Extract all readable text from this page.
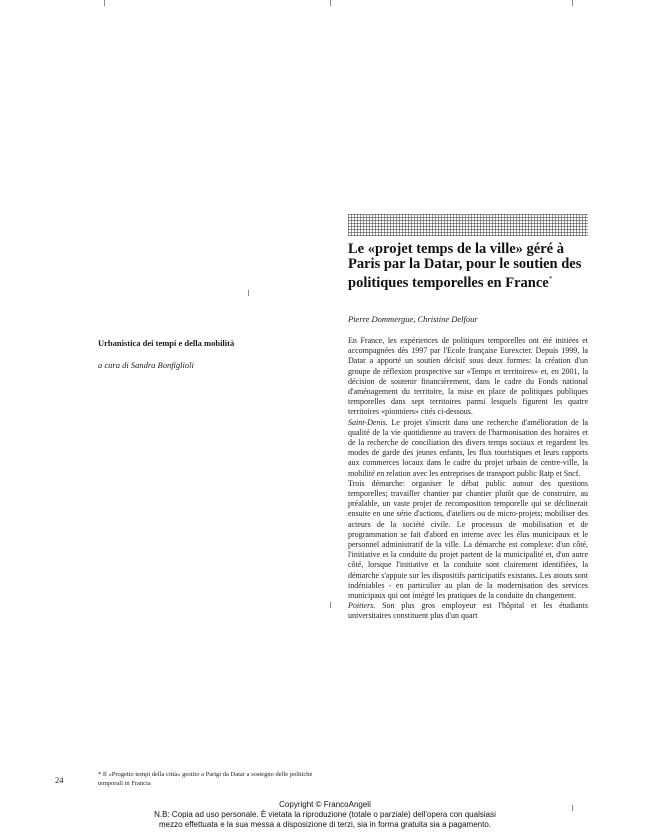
Le «projet temps de la ville» géré à Paris par la Datar, pour le soutien des politiques temporelles en France*
Pierre Dommergue, Christine Delfour
Urbanistica dei tempi e della mobilità
a cura di Sandra Bonfiglioli

En France, les expériences de politiques temporelles ont été initiées et accompagnées dès 1997 par l'Ecole française Eurexcter. Depuis 1999, la Datar a apporté un soutien décisif sous deux formes: la création d'un groupe de réflexion prospective sur «Temps et territoires» et, en 2001, la décision de soutenir financièrement, dans le cadre du Fonds national d'aménagement du territoire, la mise en place de politiques publiques temporelles dans sept territoires parmi lesquels figurent les quatre territoires «pionniers» cités ci-dessous.

Saint-Denis. Le projet s'inscrit dans une recherche d'amélioration de la qualité de la vie quotidienne au travers de l'harmonisation des horaires et de la recherche de conciliation des divers temps sociaux et regardent les modes de garde des jeunes enfants, les flux touristiques et leurs rapports aux commerces locaux dans le cadre du projet urbain de centre-ville, la mobilité en relation avec les entreprises de transport public Ratp et Sncf.

Trois démarche: organiser le débat public autour des questions temporelles; travailler chantier par chantier plutôt que de construire, au préalable, un vaste projet de recomposition temporelle qui se déclinerait ensuite en une série d'actions, d'ateliers ou de micro-projets; mobiliser des acteurs de la société civile. Le processus de mobilisation et de programmation se fait d'abord en interne avec les élus municipaux et le personnel administratif de la ville. La démarche est complexe: d'un côté, l'initiative et la conduite du projet partent de la municipalité et, d'un autre côté, lorsque l'initiative et la conduite sont clairement identifiées, la démarche s'appuie sur les dispositifs participatifs existants. Les atouts sont indéniables - en particulier au plan de la modernisation des services municipaux qui ont intégré les pratiques de la conduite du changement.

Poitiers. Son plus gros employeur est l'hôpital et les étudiants universitaires constituent plus d'un quart

24
* Il «Progetto tempi della città» gestito a Parigi da Datar a sostegno delle politiche temporali in Francia
Copyright © FrancoAngeli
N.B: Copia ad uso personale. È vietata la riproduzione (totale o parziale) dell'opera con qualsiasi
mezzo effettuata e la sua messa a disposizione di terzi, sia in forma gratuita sia a pagamento.
